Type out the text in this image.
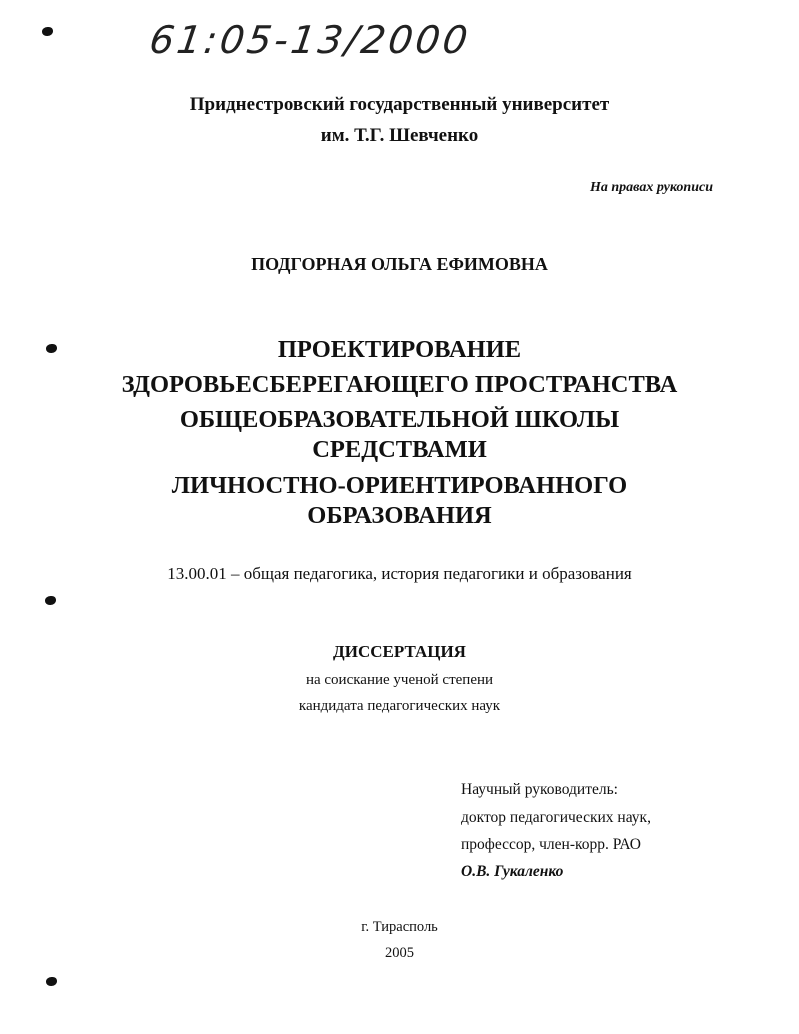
61:05-13/2000
Приднестровский государственный университет
им. Т.Г. Шевченко
На правах рукописи
ПОДГОРНАЯ ОЛЬГА ЕФИМОВНА
ПРОЕКТИРОВАНИЕ
ЗДОРОВЬЕСБЕРЕГАЮЩЕГО ПРОСТРАНСТВА
ОБЩЕОБРАЗОВАТЕЛЬНОЙ ШКОЛЫ
СРЕДСТВАМИ
ЛИЧНОСТНО-ОРИЕНТИРОВАННОГО
ОБРАЗОВАНИЯ
13.00.01 – общая педагогика, история педагогики и образования
ДИССЕРТАЦИЯ
на соискание ученой степени
кандидата педагогических наук
Научный руководитель:
доктор педагогических наук,
профессор, член-корр. РАО
О.В. Гукаленко
г. Тирасполь
2005
